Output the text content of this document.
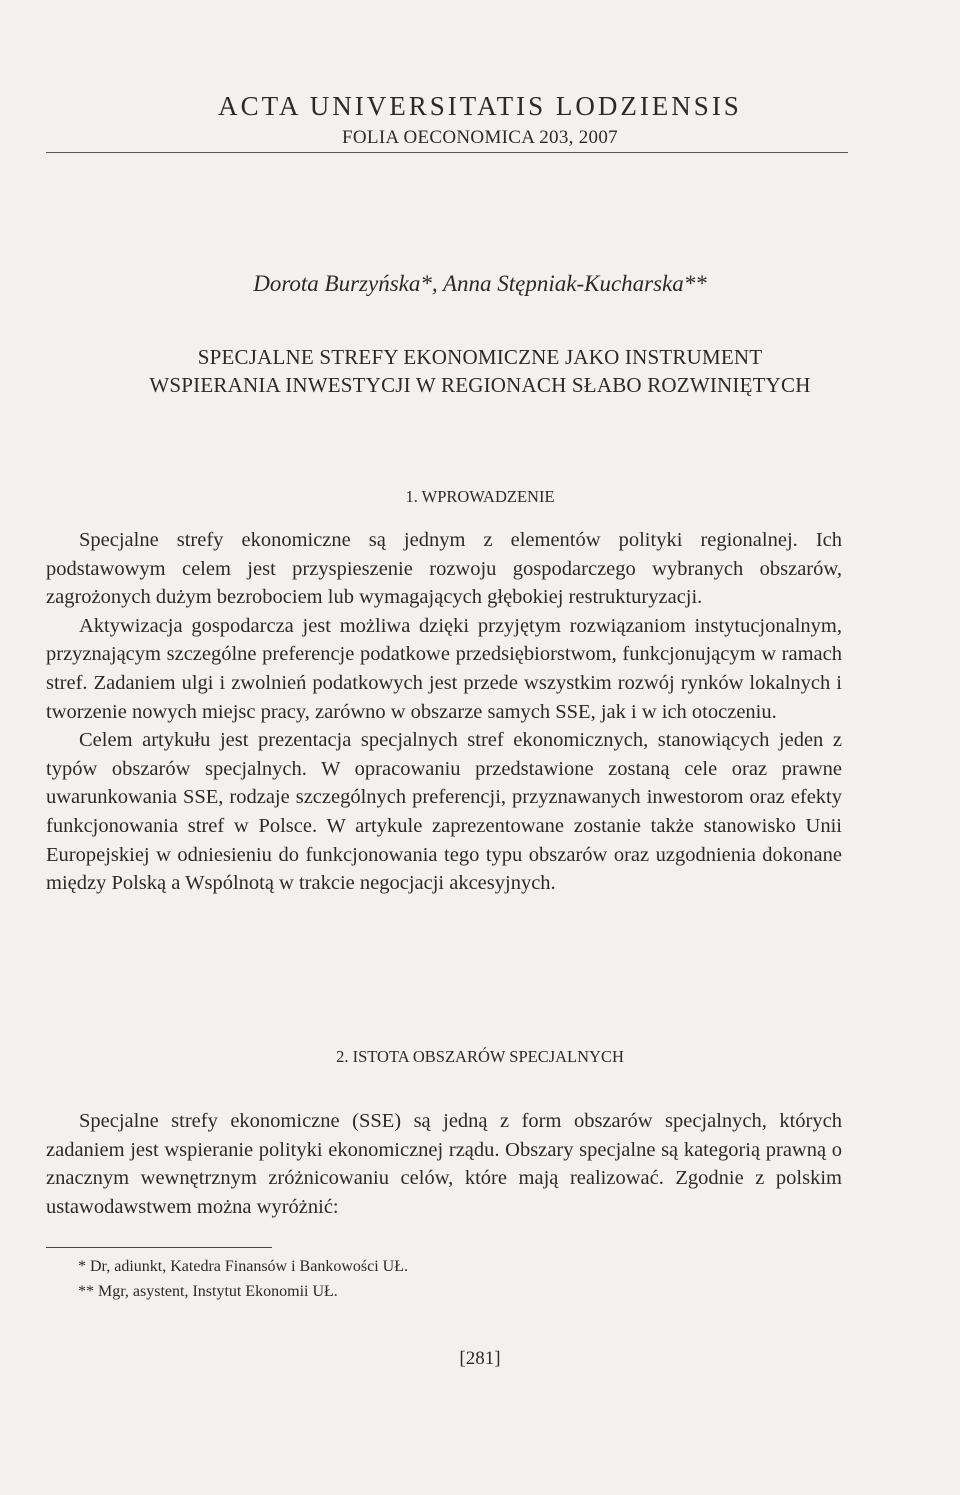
ACTA UNIVERSITATIS LODZIENSIS
FOLIA OECONOMICA 203, 2007
Dorota Burzyńska*, Anna Stępniak-Kucharska**
SPECJALNE STREFY EKONOMICZNE JAKO INSTRUMENT
WSPIERANIA INWESTYCJI W REGIONACH SŁABO ROZWINIĘTYCH
1. WPROWADZENIE

Specjalne strefy ekonomiczne są jednym z elementów polityki regionalnej. Ich podstawowym celem jest przyspieszenie rozwoju gospodarczego wybranych obszarów, zagrożonych dużym bezrobociem lub wymagających głębokiej restrukturyzacji.

Aktywizacja gospodarcza jest możliwa dzięki przyjętym rozwiązaniom instytucjonalnym, przyznającym szczególne preferencje podatkowe przedsiębiorstwom, funkcjonującym w ramach stref. Zadaniem ulgi i zwolnień podatkowych jest przede wszystkim rozwój rynków lokalnych i tworzenie nowych miejsc pracy, zarówno w obszarze samych SSE, jak i w ich otoczeniu.

Celem artykułu jest prezentacja specjalnych stref ekonomicznych, stanowiących jeden z typów obszarów specjalnych. W opracowaniu przedstawione zostaną cele oraz prawne uwarunkowania SSE, rodzaje szczególnych preferencji, przyznawanych inwestorom oraz efekty funkcjonowania stref w Polsce. W artykule zaprezentowane zostanie także stanowisko Unii Europejskiej w odniesieniu do funkcjonowania tego typu obszarów oraz uzgodnienia dokonane między Polską a Wspólnotą w trakcie negocjacji akcesyjnych.

2. ISTOTA OBSZARÓW SPECJALNYCH

Specjalne strefy ekonomiczne (SSE) są jedną z form obszarów specjalnych, których zadaniem jest wspieranie polityki ekonomicznej rządu. Obszary specjalne są kategorią prawną o znacznym wewnętrznym zróżnicowaniu celów, które mają realizować. Zgodnie z polskim ustawodawstwem można wyróżnić:

* Dr, adiunkt, Katedra Finansów i Bankowości UŁ.
** Mgr, asystent, Instytut Ekonomii UŁ.
[281]
